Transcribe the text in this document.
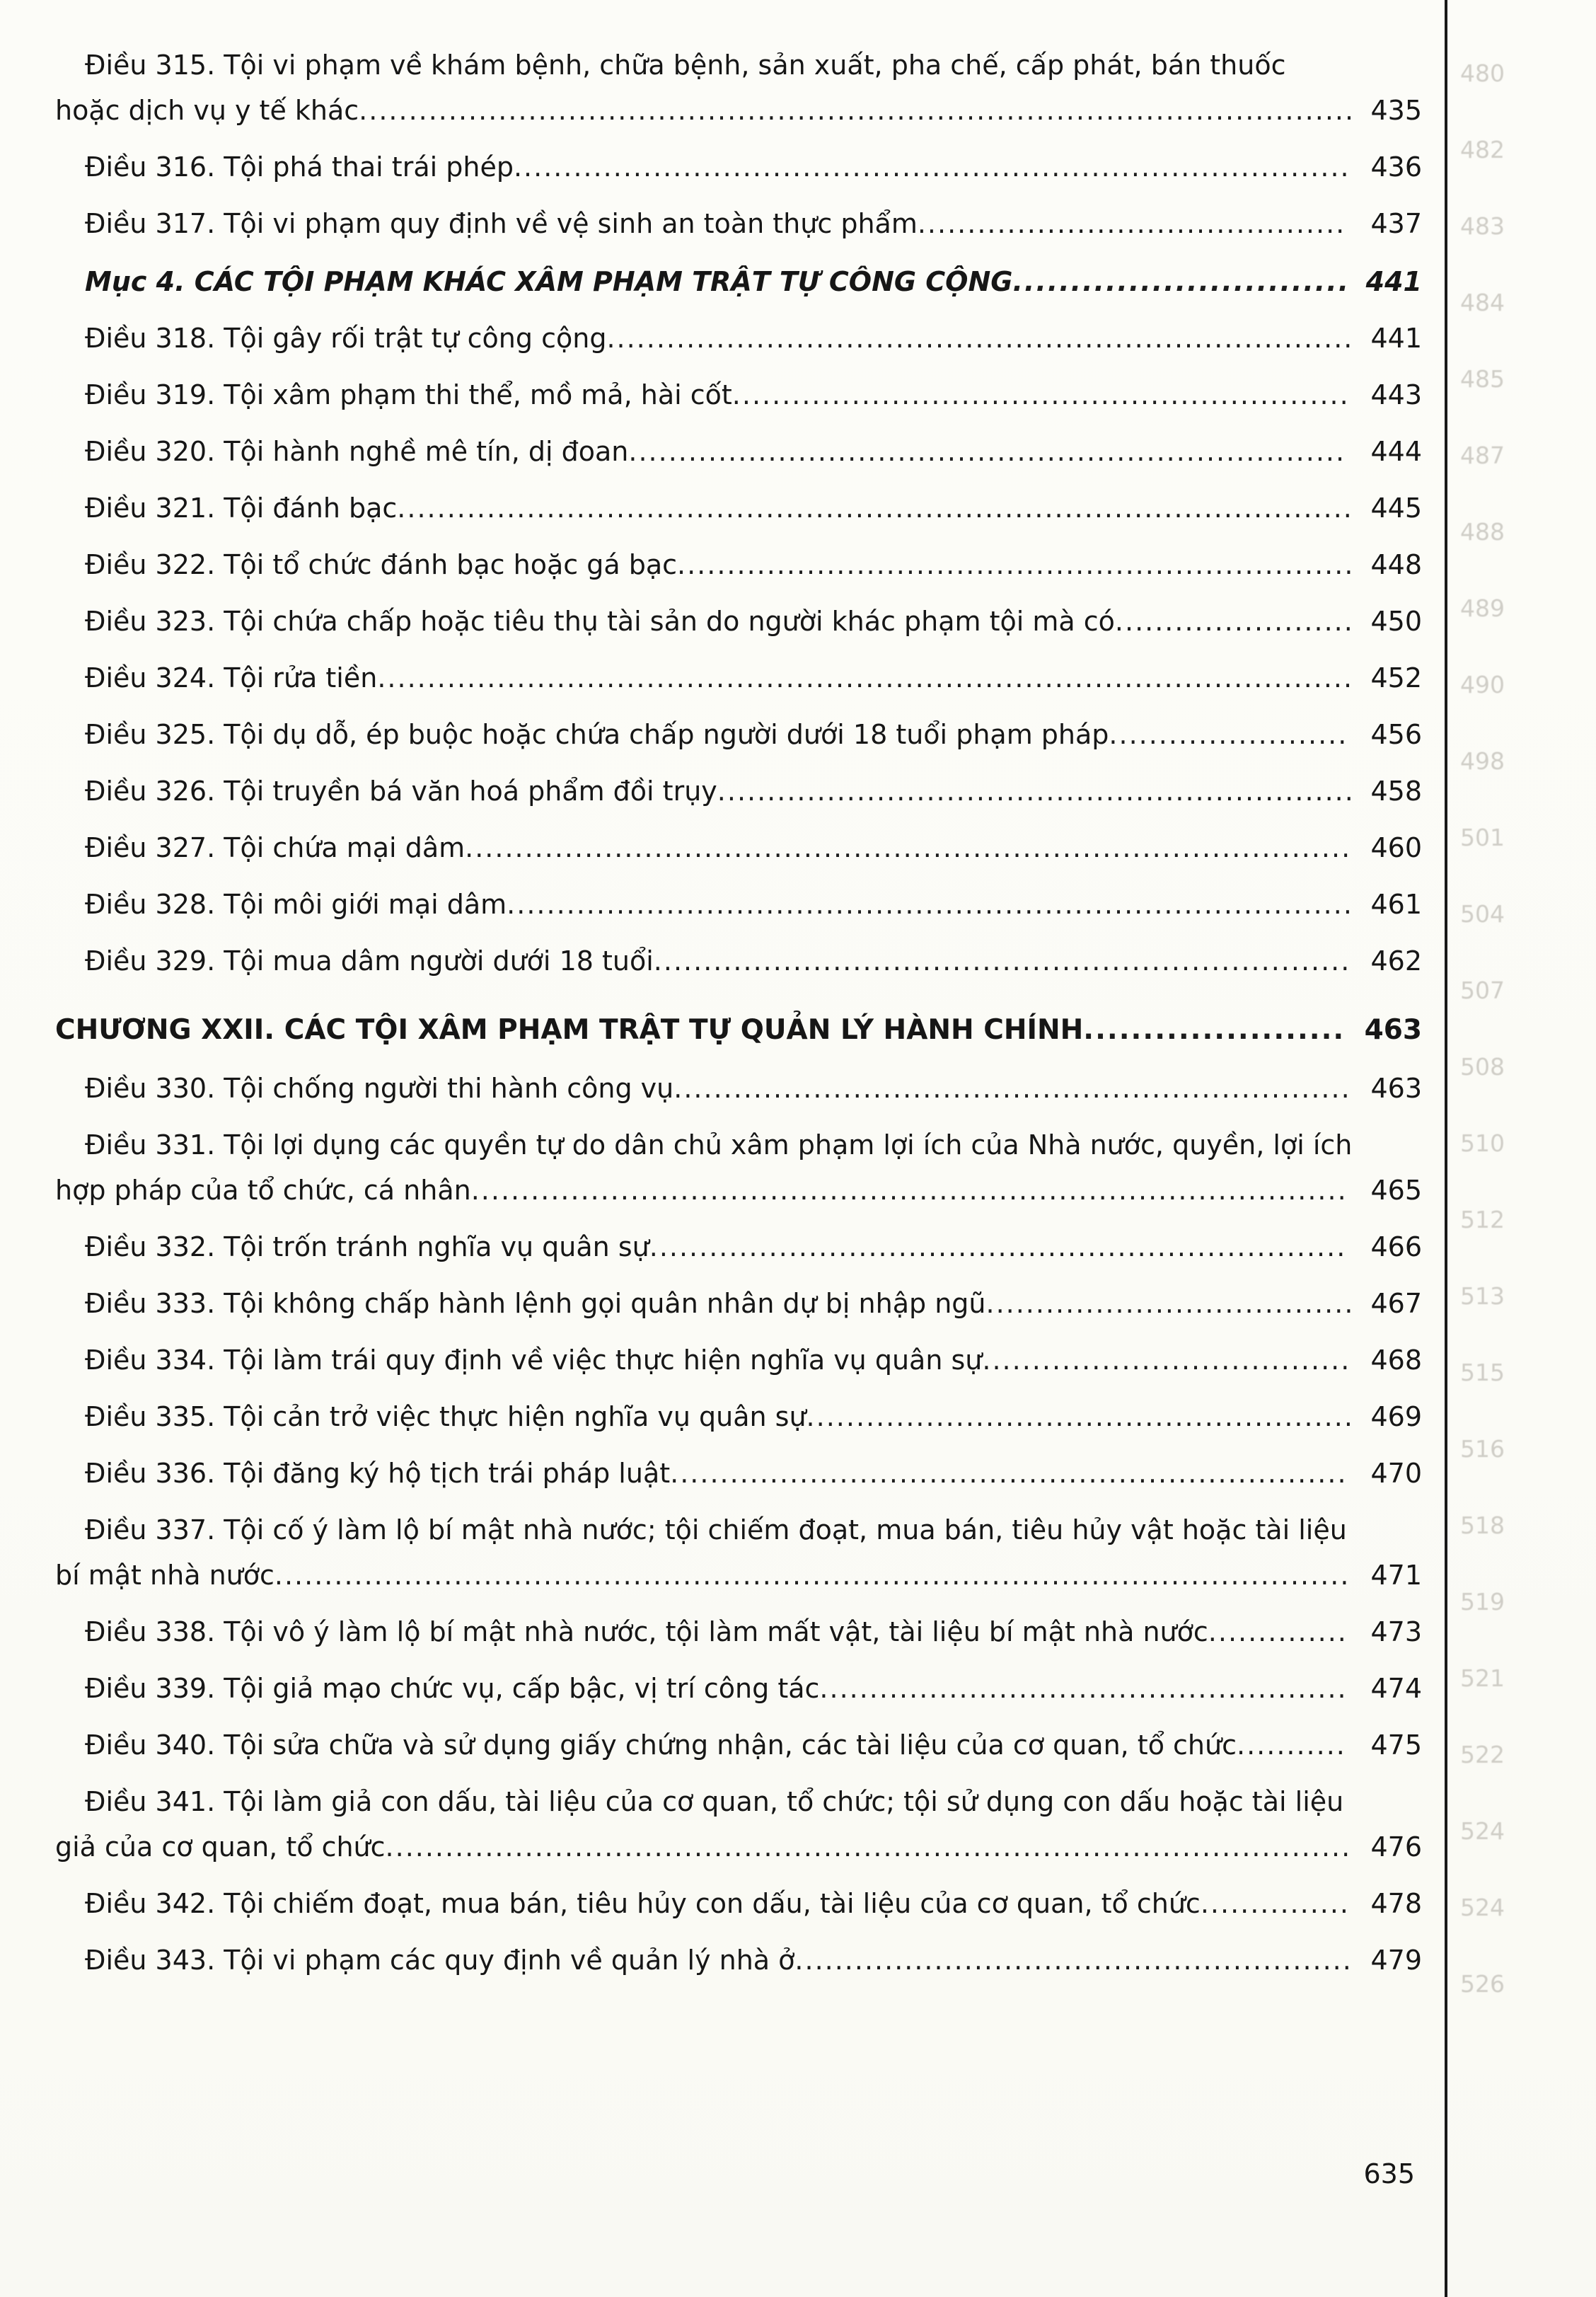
Điều 315. Tội vi phạm về khám bệnh, chữa bệnh, sản xuất, pha chế, cấp phát, bán thuốc hoặc dịch vụ y tế khác.................................................................................................... 435
Điều 316. Tội phá thai trái phép.................................................................................... 436
Điều 317. Tội vi phạm quy định về vệ sinh an toàn thực phẩm........................................... 437
Mục 4. CÁC TỘI PHẠM KHÁC XÂM PHẠM TRẬT TỰ CÔNG CỘNG............................. 441
Điều 318. Tội gây rối trật tự công cộng........................................................................... 441
Điều 319. Tội xâm phạm thi thể, mồ mả, hài cốt.............................................................. 443
Điều 320. Tội hành nghề mê tín, dị đoan........................................................................ 444
Điều 321. Tội đánh bạc................................................................................................ 445
Điều 322. Tội tổ chức đánh bạc hoặc gá bạc.................................................................... 448
Điều 323. Tội chứa chấp hoặc tiêu thụ tài sản do người khác phạm tội mà có........................ 450
Điều 324. Tội rửa tiền.................................................................................................. 452
Điều 325. Tội dụ dỗ, ép buộc hoặc chứa chấp người dưới 18 tuổi phạm pháp........................ 456
Điều 326. Tội truyền bá văn hoá phẩm đồi trụy................................................................ 458
Điều 327. Tội chứa mại dâm......................................................................................... 460
Điều 328. Tội môi giới mại dâm..................................................................................... 461
Điều 329. Tội mua dâm người dưới 18 tuổi...................................................................... 462
CHƯƠNG XXII. CÁC TỘI XÂM PHẠM TRẬT TỰ QUẢN LÝ HÀNH CHÍNH...................... 463
Điều 330. Tội chống người thi hành công vụ.................................................................... 463
Điều 331. Tội lợi dụng các quyền tự do dân chủ xâm phạm lợi ích của Nhà nước, quyền, lợi ích hợp pháp của tổ chức, cá nhân........................................................................................ 465
Điều 332. Tội trốn tránh nghĩa vụ quân sự...................................................................... 466
Điều 333. Tội không chấp hành lệnh gọi quân nhân dự bị nhập ngũ..................................... 467
Điều 334. Tội làm trái quy định về việc thực hiện nghĩa vụ quân sự..................................... 468
Điều 335. Tội cản trở việc thực hiện nghĩa vụ quân sự....................................................... 469
Điều 336. Tội đăng ký hộ tịch trái pháp luật.................................................................... 470
Điều 337. Tội cố ý làm lộ bí mật nhà nước; tội chiếm đoạt, mua bán, tiêu hủy vật hoặc tài liệu bí mật nhà nước............................................................................................................ 471
Điều 338. Tội vô ý làm lộ bí mật nhà nước, tội làm mất vật, tài liệu bí mật nhà nước.............. 473
Điều 339. Tội giả mạo chức vụ, cấp bậc, vị trí công tác..................................................... 474
Điều 340. Tội sửa chữa và sử dụng giấy chứng nhận, các tài liệu của cơ quan, tổ chức........... 475
Điều 341. Tội làm giả con dấu, tài liệu của cơ quan, tổ chức; tội sử dụng con dấu hoặc tài liệu giả của cơ quan, tổ chức................................................................................................. 476
Điều 342. Tội chiếm đoạt, mua bán, tiêu hủy con dấu, tài liệu của cơ quan, tổ chức............... 478
Điều 343. Tội vi phạm các quy định về quản lý nhà ở........................................................ 479
480
482
483
484
485
487
488
489
490
498
501
504
507
508
510
512
513
515
516
518
519
521
522
524
524
526
635
